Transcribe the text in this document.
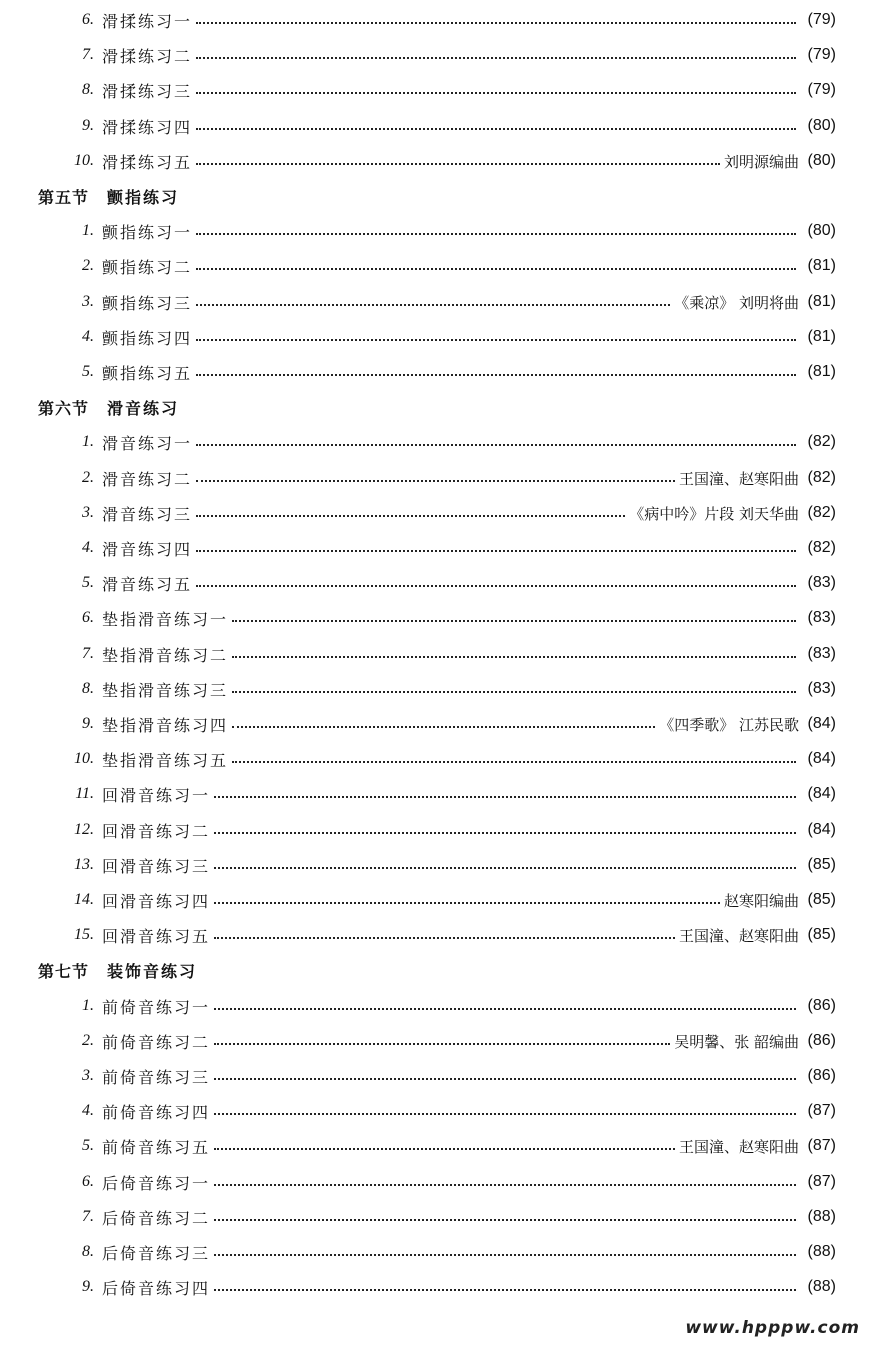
6. 滑揉练习一	(79)
7. 滑揉练习二	(79)
8. 滑揉练习三	(79)
9. 滑揉练习四	(80)
10. 滑揉练习五	刘明源编曲 (80)
第五节 颤指练习
1. 颤指练习一	(80)
2. 颤指练习二	(81)
3. 颤指练习三	《乘凉》 刘明将曲 (81)
4. 颤指练习四	(81)
5. 颤指练习五	(81)
第六节 滑音练习
1. 滑音练习一	(82)
2. 滑音练习二	王国潼、赵寒阳曲 (82)
3. 滑音练习三	《病中吟》片段 刘天华曲 (82)
4. 滑音练习四	(82)
5. 滑音练习五	(83)
6. 垫指滑音练习一	(83)
7. 垫指滑音练习二	(83)
8. 垫指滑音练习三	(83)
9. 垫指滑音练习四	《四季歌》 江苏民歌 (84)
10. 垫指滑音练习五	(84)
11. 回滑音练习一	(84)
12. 回滑音练习二	(84)
13. 回滑音练习三	(85)
14. 回滑音练习四	赵寒阳编曲 (85)
15. 回滑音练习五	王国潼、赵寒阳曲 (85)
第七节 装饰音练习
1. 前倚音练习一	(86)
2. 前倚音练习二	吴明馨、张 韶编曲 (86)
3. 前倚音练习三	(86)
4. 前倚音练习四	(87)
5. 前倚音练习五	王国潼、赵寒阳曲 (87)
6. 后倚音练习一	(87)
7. 后倚音练习二	(88)
8. 后倚音练习三	(88)
9. 后倚音练习四	(88)
www.hpppw.com
